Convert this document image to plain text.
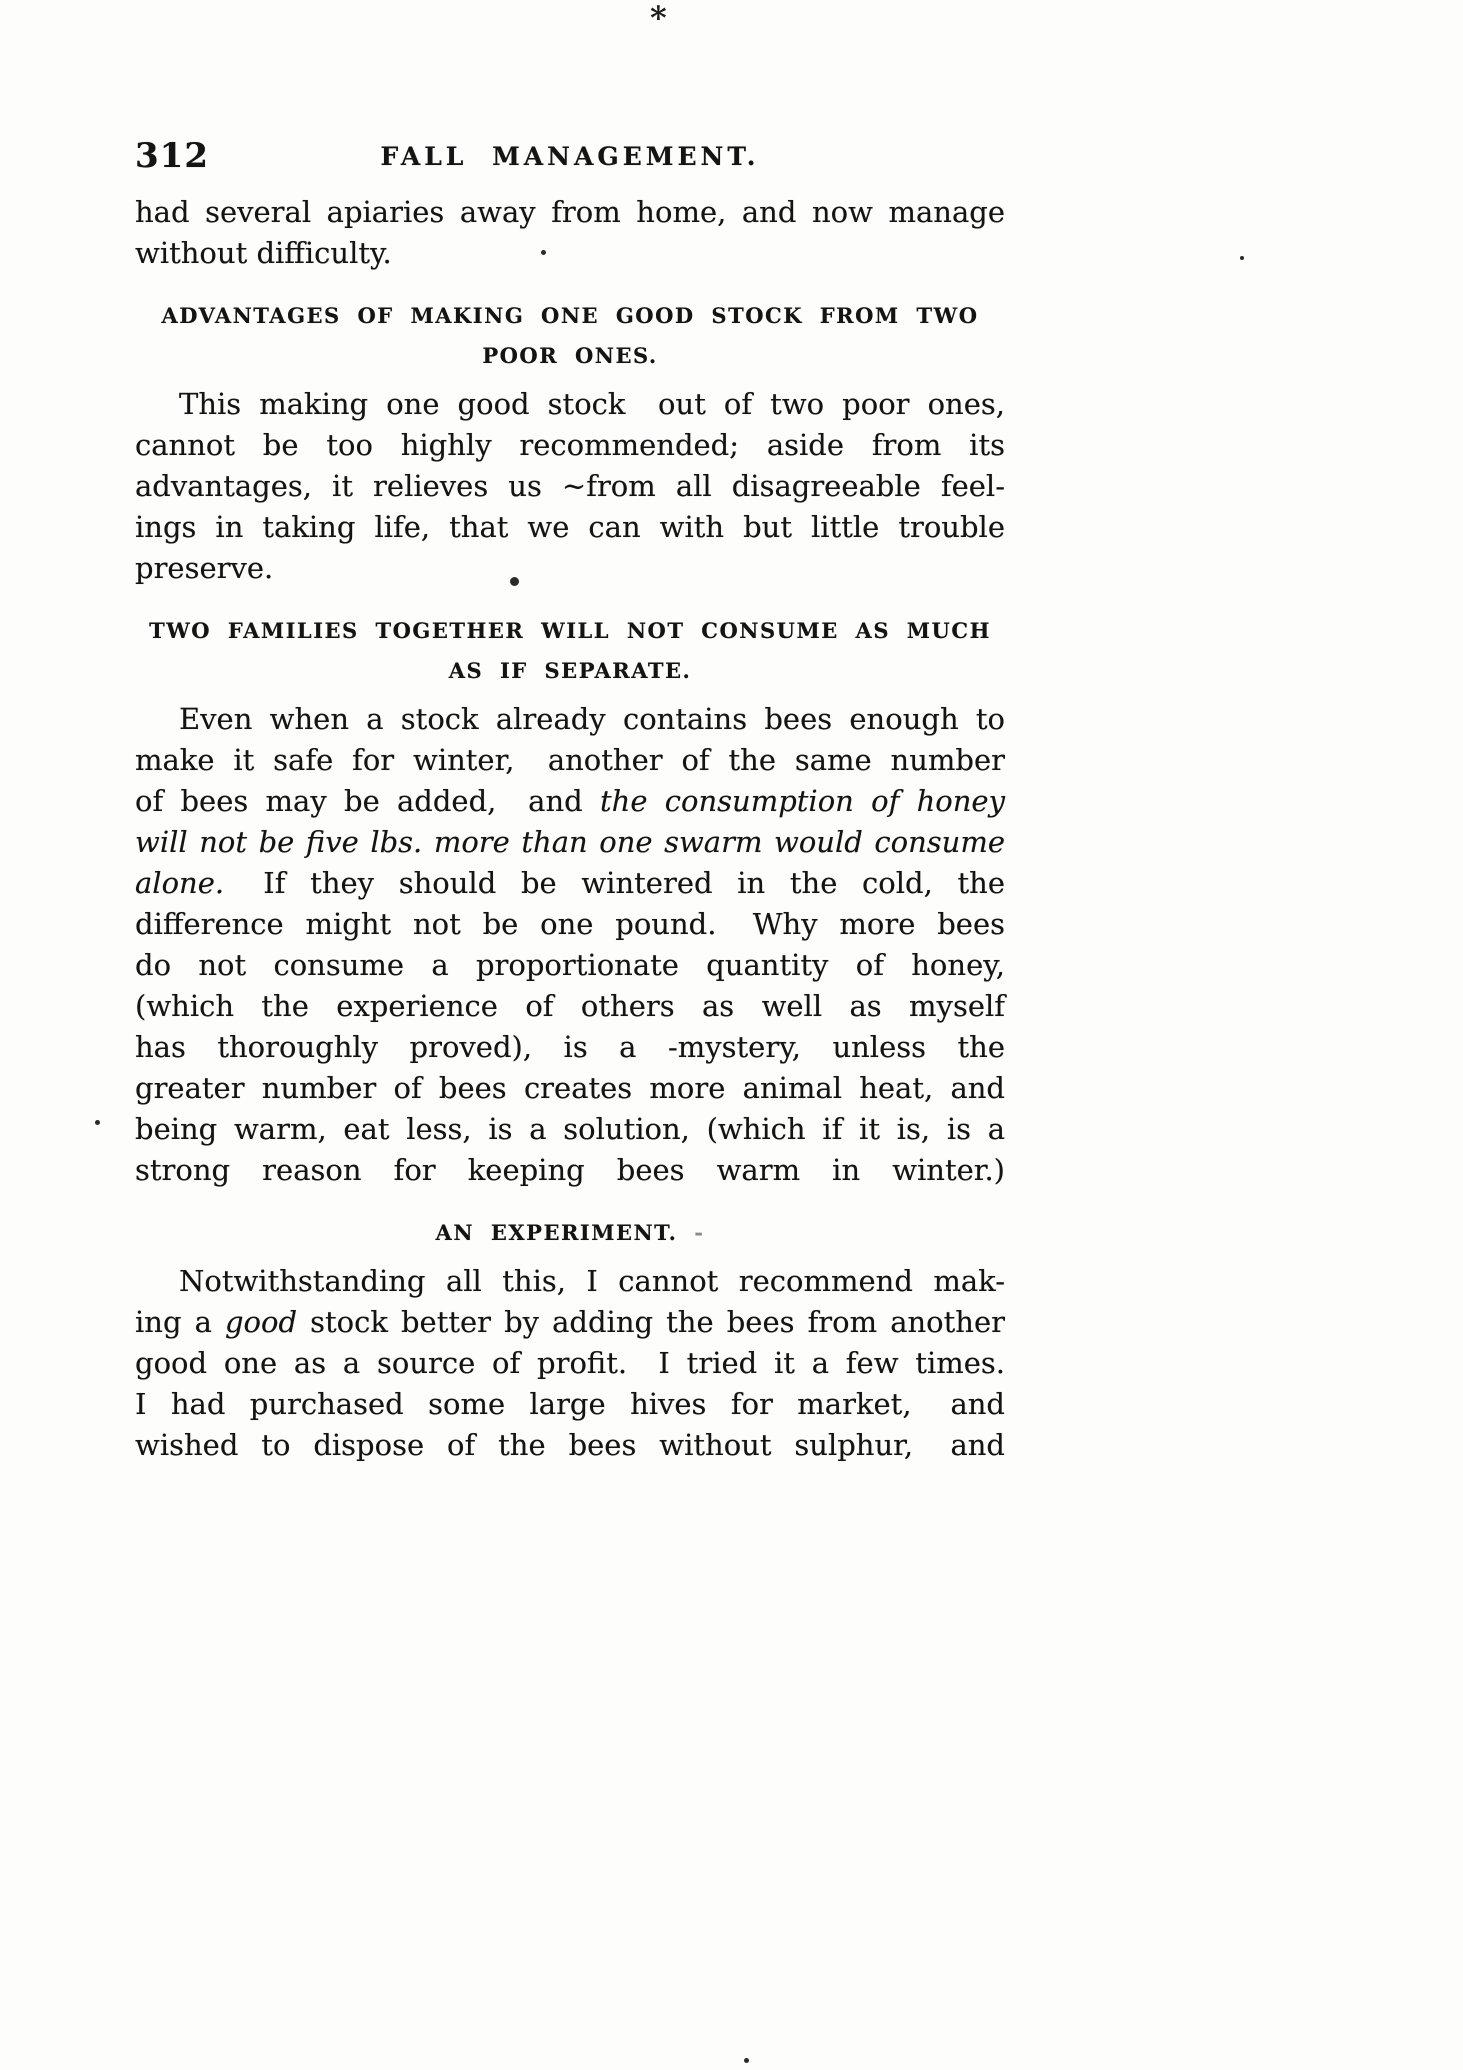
312	FALL MANAGEMENT.
had several apiaries away from home, and now manage
without difficulty.
ADVANTAGES OF MAKING ONE GOOD STOCK FROM TWO
POOR ONES.
This making one good stock  out of two poor ones,
cannot be too highly recommended; aside from its
advantages, it relieves us ~from all disagreeable feel-
ings in taking life, that we can with but little trouble
preserve.
TWO FAMILIES TOGETHER WILL NOT CONSUME AS MUCH
AS IF SEPARATE.
Even when a stock already contains bees enough to
make it safe for winter,  another of the same number
of bees may be added,  and the consumption of honey
will not be five lbs. more than one swarm would consume
alone.  If they should be wintered in the cold, the
difference might not be one pound.  Why more bees
do not consume a proportionate quantity of honey,
(which the experience of others as well as myself
has thoroughly proved), is a -mystery, unless the
greater number of bees creates more animal heat, and
being warm, eat less, is a solution, (which if it is, is a
strong reason for keeping bees warm in winter.)
AN EXPERIMENT. -
Notwithstanding all this, I cannot recommend mak-
ing a good stock better by adding the bees from another
good one as a source of profit.  I tried it a few times.
I had purchased some large hives for market,  and
wished to dispose of the bees without sulphur,  and
*
